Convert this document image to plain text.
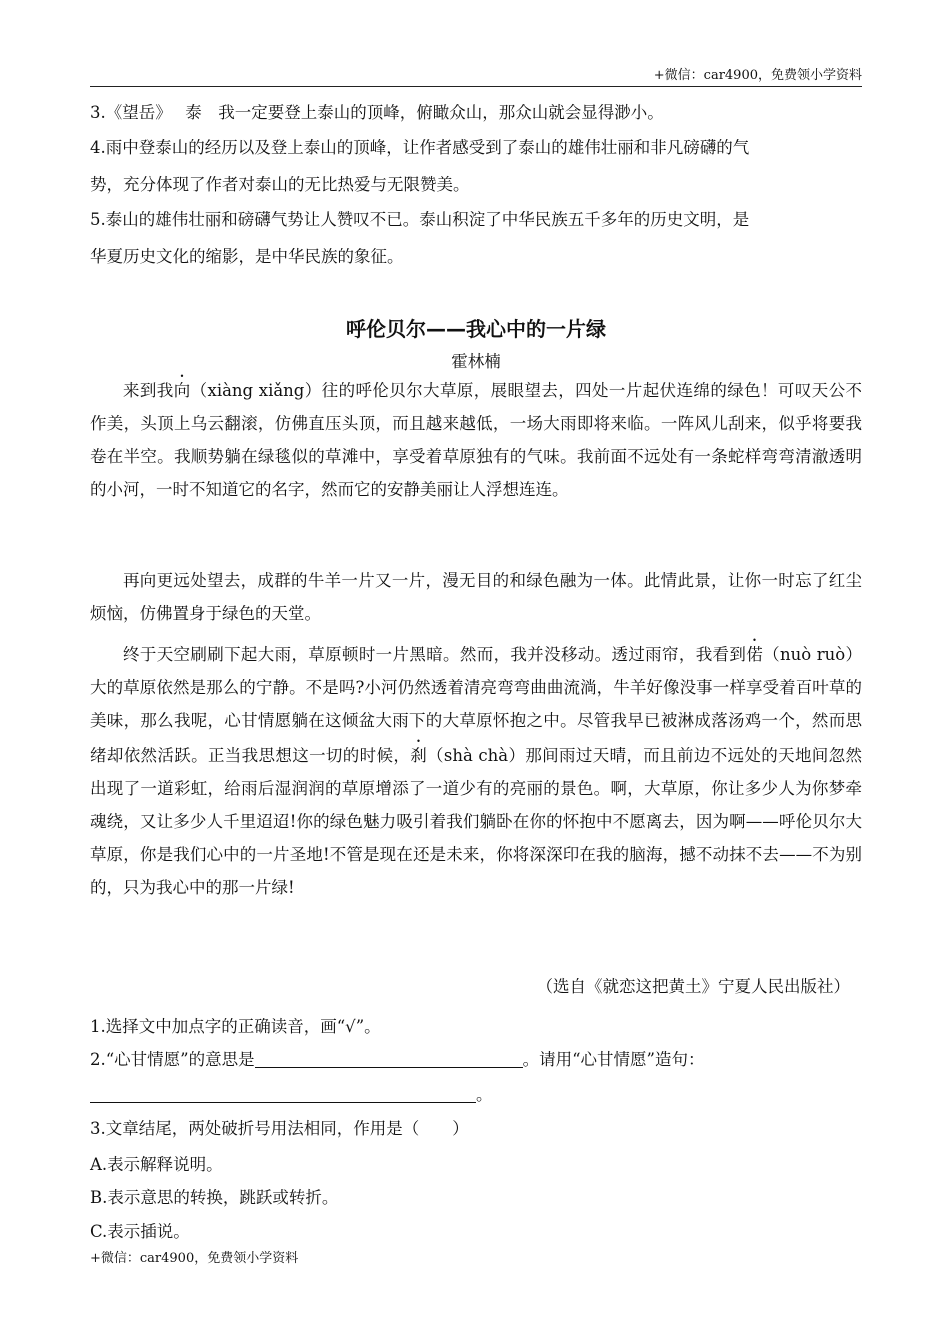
+微信：car4900，免费领小学资料
3.《望岳》　 泰　我一定要登上泰山的顶峰，俯瞰众山，那众山就会显得渺小。
4.雨中登泰山的经历以及登上泰山的顶峰，让作者感受到了泰山的雄伟壮丽和非凡磅礴的气
势，充分体现了作者对泰山的无比热爱与无限赞美。
5.泰山的雄伟壮丽和磅礴气势让人赞叹不已。泰山积淀了中华民族五千多年的历史文明，是
华夏历史文化的缩影，是中华民族的象征。
呼伦贝尔——我心中的一片绿
霍林楠
来到我向（xiàng xiǎng）往的呼伦贝尔大草原，展眼望去，四处一片起伏连绵的绿色！可叹天公不作美，头顶上乌云翻滚，仿佛直压头顶，而且越来越低，一场大雨即将来临。一阵风儿刮来，似乎将要我卷在半空。我顺势躺在绿毯似的草滩中，享受着草原独有的气味。我前面不远处有一条蛇样弯弯清澈透明的小河，一时不知道它的名字，然而它的安静美丽让人浮想连连。
再向更远处望去，成群的牛羊一片又一片，漫无目的和绿色融为一体。此情此景，让你一时忘了红尘烦恼，仿佛置身于绿色的天堂。
终于天空刷刷下起大雨，草原顿时一片黑暗。然而，我并没移动。透过雨帘，我看到偌（nuò ruò）大的草原依然是那么的宁静。不是吗?小河仍然透着清亮弯弯曲曲流淌，牛羊好像没事一样享受着百叶草的美味，那么我呢，心甘情愿躺在这倾盆大雨下的大草原怀抱之中。尽管我早已被淋成落汤鸡一个，然而思绪却依然活跃。正当我思想这一切的时候，刹（shà chà）那间雨过天晴，而且前边不远处的天地间忽然出现了一道彩虹，给雨后湿润润的草原增添了一道少有的亮丽的景色。啊，大草原，你让多少人为你梦牵魂绕，又让多少人千里迢迢!你的绿色魅力吸引着我们躺卧在你的怀抱中不愿离去，因为啊——呼伦贝尔大草原，你是我们心中的一片圣地!不管是现在还是未来，你将深深印在我的脑海，撼不动抹不去——不为别的，只为我心中的那一片绿!
（选自《就恋这把黄土》宁夏人民出版社）
1.选择文中加点字的正确读音，画“√”。
2.“心甘情愿”的意思是	。请用“心甘情愿”造句：
。
3.文章结尾，两处破折号用法相同，作用是（　　）
A.表示解释说明。
B.表示意思的转换，跳跃或转折。
C.表示插说。
+微信：car4900，免费领小学资料
